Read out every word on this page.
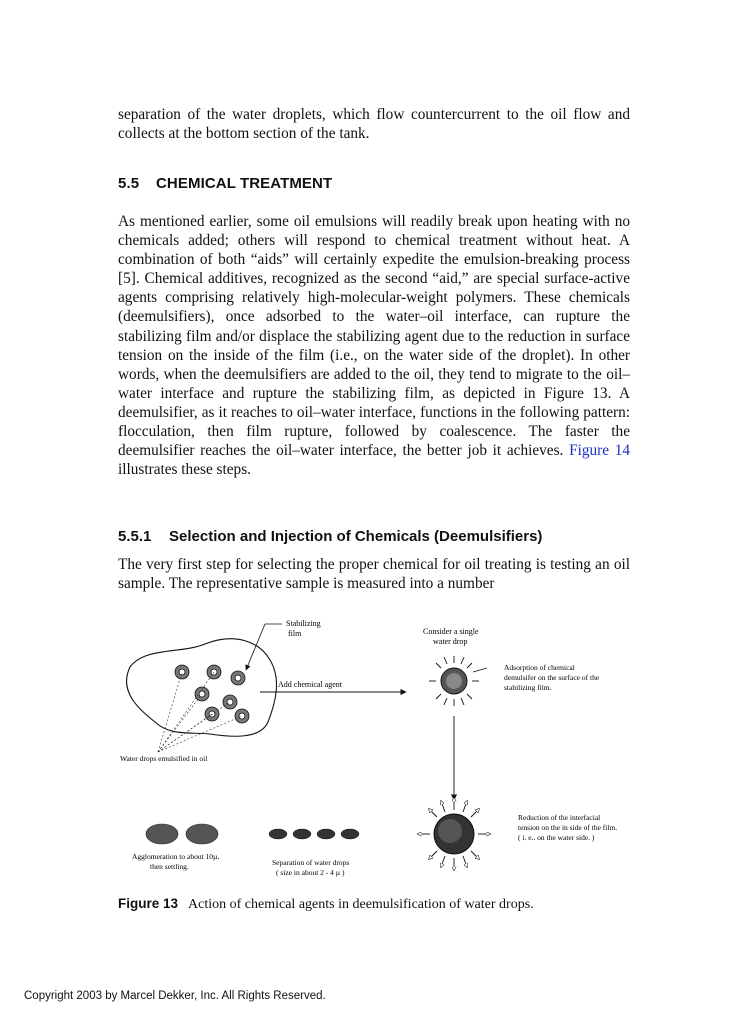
separation of the water droplets, which flow countercurrent to the oil flow and collects at the bottom section of the tank.

5.5 CHEMICAL TREATMENT

As mentioned earlier, some oil emulsions will readily break upon heating with no chemicals added; others will respond to chemical treatment without heat. A combination of both “aids” will certainly expedite the emulsion-breaking process [5]. Chemical additives, recognized as the second “aid,” are special surface-active agents comprising relatively high-molecular-weight polymers. These chemicals (deemulsifiers), once adsorbed to the water–oil interface, can rupture the stabilizing film and/or displace the stabilizing agent due to the reduction in surface tension on the inside of the film (i.e., on the water side of the droplet). In other words, when the deemulsifiers are added to the oil, they tend to migrate to the oil–water interface and rupture the stabilizing film, as depicted in Figure 13. A deemulsifier, as it reaches to oil–water interface, functions in the following pattern: flocculation, then film rupture, followed by coalescence. The faster the deemulsifier reaches the oil–water interface, the better job it achieves. Figure 14 illustrates these steps.

5.5.1 Selection and Injection of Chemicals (Deemulsifiers)

The very first step for selecting the proper chemical for oil treating is testing an oil sample. The representative sample is measured into a number

Stabilizing
film
Add chemical agent
Consider a single
water drop
Adsorption of chemical
demulsifer on the surface of the
stabilizing film.
Water drops emulsified in oil
Reduction of the interfacial
tension on the in side of the film.
( i. e.. on the water side. )
Agglomeration to about 10µ,
then settling.	Separation of water drops
( size in about 2 - 4 µ )

Figure 13 Action of chemical agents in deemulsification of water drops.

Copyright 2003 by Marcel Dekker, Inc. All Rights Reserved.
